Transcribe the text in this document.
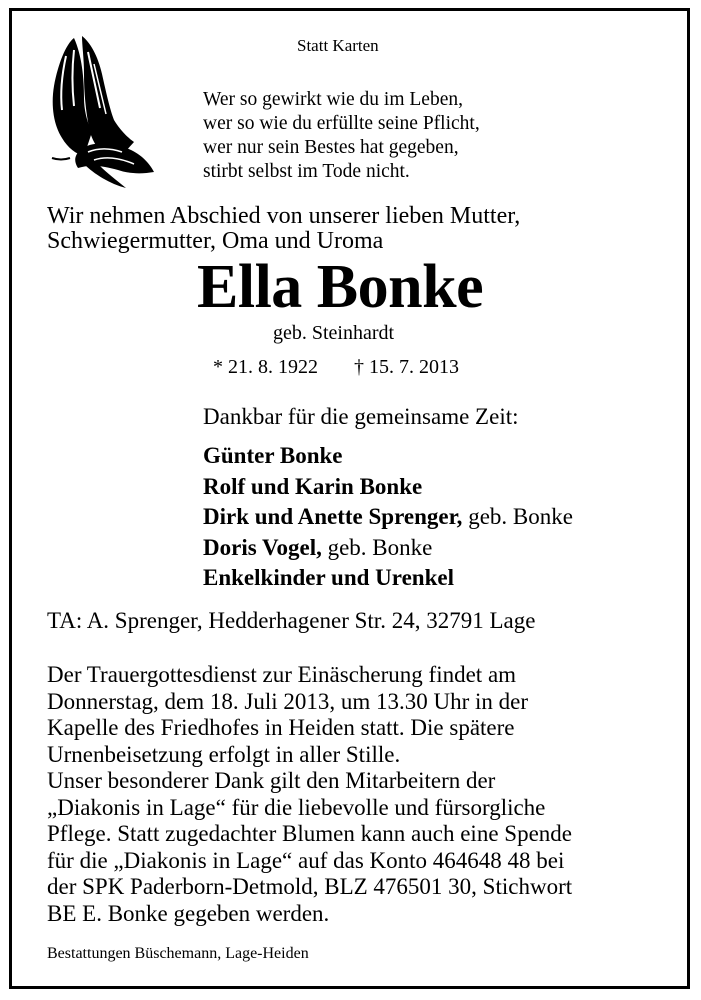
Statt Karten
Wer so gewirkt wie du im Leben,
wer so wie du erfüllte seine Pflicht,
wer nur sein Bestes hat gegeben,
stirbt selbst im Tode nicht.
Wir nehmen Abschied von unserer lieben Mutter,
Schwiegermutter, Oma und Uroma
Ella Bonke
geb. Steinhardt
* 21. 8. 1922 † 15. 7. 2013
Dankbar für die gemeinsame Zeit:
Günter Bonke
Rolf und Karin Bonke
Dirk und Anette Sprenger, geb. Bonke
Doris Vogel, geb. Bonke
Enkelkinder und Urenkel
TA: A. Sprenger, Hedderhagener Str. 24, 32791 Lage
Der Trauergottesdienst zur Einäscherung findet am
Donnerstag, dem 18. Juli 2013, um 13.30 Uhr in der
Kapelle des Friedhofes in Heiden statt. Die spätere
Urnenbeisetzung erfolgt in aller Stille.
Unser besonderer Dank gilt den Mitarbeitern der
„Diakonis in Lage“ für die liebevolle und fürsorgliche
Pflege. Statt zugedachter Blumen kann auch eine Spende
für die „Diakonis in Lage“ auf das Konto 464648 48 bei
der SPK Paderborn-Detmold, BLZ 476501 30, Stichwort
BE E. Bonke gegeben werden.
Bestattungen Büschemann, Lage-Heiden
